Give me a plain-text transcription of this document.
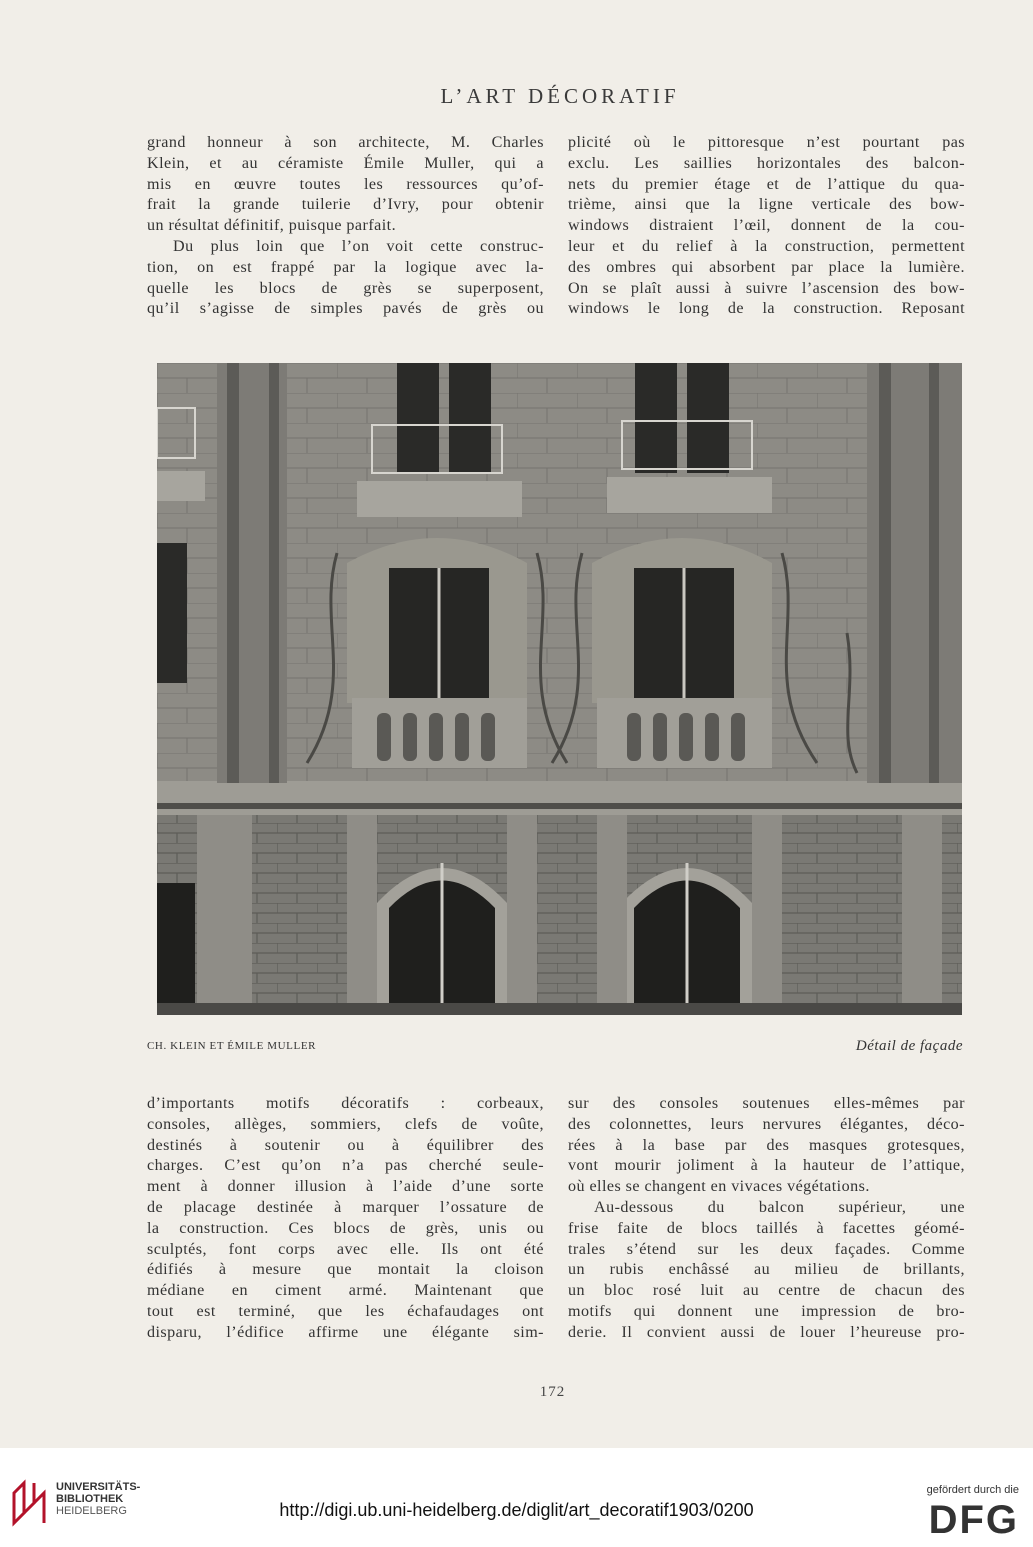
L’ART DÉCORATIF

grand honneur à son architecte, M. Charles

Klein, et au céramiste Émile Muller, qui a

mis en œuvre toutes les ressources qu’of-

frait la grande tuilerie d’Ivry, pour obtenir

un résultat définitif, puisque parfait.

Du plus loin que l’on voit cette construc-

tion, on est frappé par la logique avec la-

quelle les blocs de grès se superposent,

qu’il s’agisse de simples pavés de grès ou

plicité où le pittoresque n’est pourtant pas

exclu. Les saillies horizontales des balcon-

nets du premier étage et de l’attique du qua-

trième, ainsi que la ligne verticale des bow-

windows distraient l’œil, donnent de la cou-

leur et du relief à la construction, permettent

des ombres qui absorbent par place la lumière.

On se plaît aussi à suivre l’ascension des bow-

windows le long de la construction. Reposant

CH. KLEIN ET ÉMILE MULLER	Détail de façade

d’importants motifs décoratifs : corbeaux,

consoles, allèges, sommiers, clefs de voûte,

destinés à soutenir ou à équilibrer des

charges. C’est qu’on n’a pas cherché seule-

ment à donner illusion à l’aide d’une sorte

de placage destinée à marquer l’ossature de

la construction. Ces blocs de grès, unis ou

sculptés, font corps avec elle. Ils ont été

édifiés à mesure que montait la cloison

médiane en ciment armé. Maintenant que

tout est terminé, que les échafaudages ont

disparu, l’édifice affirme une élégante sim-

sur des consoles soutenues elles-mêmes par

des colonnettes, leurs nervures élégantes, déco-

rées à la base par des masques grotesques,

vont mourir joliment à la hauteur de l’attique,

où elles se changent en vivaces végétations.

Au-dessous du balcon supérieur, une

frise faite de blocs taillés à facettes géomé-

trales s’étend sur les deux façades. Comme

un rubis enchâssé au milieu de brillants,

un bloc rosé luit au centre de chacun des

motifs qui donnent une impression de bro-

derie. Il convient aussi de louer l’heureuse pro-

172
UNIVERSITÄTS-
BIBLIOTHEK
HEIDELBERG	http://digi.ub.uni-heidelberg.de/diglit/art_decoratif1903/0200
gefördert durch die
DFG
